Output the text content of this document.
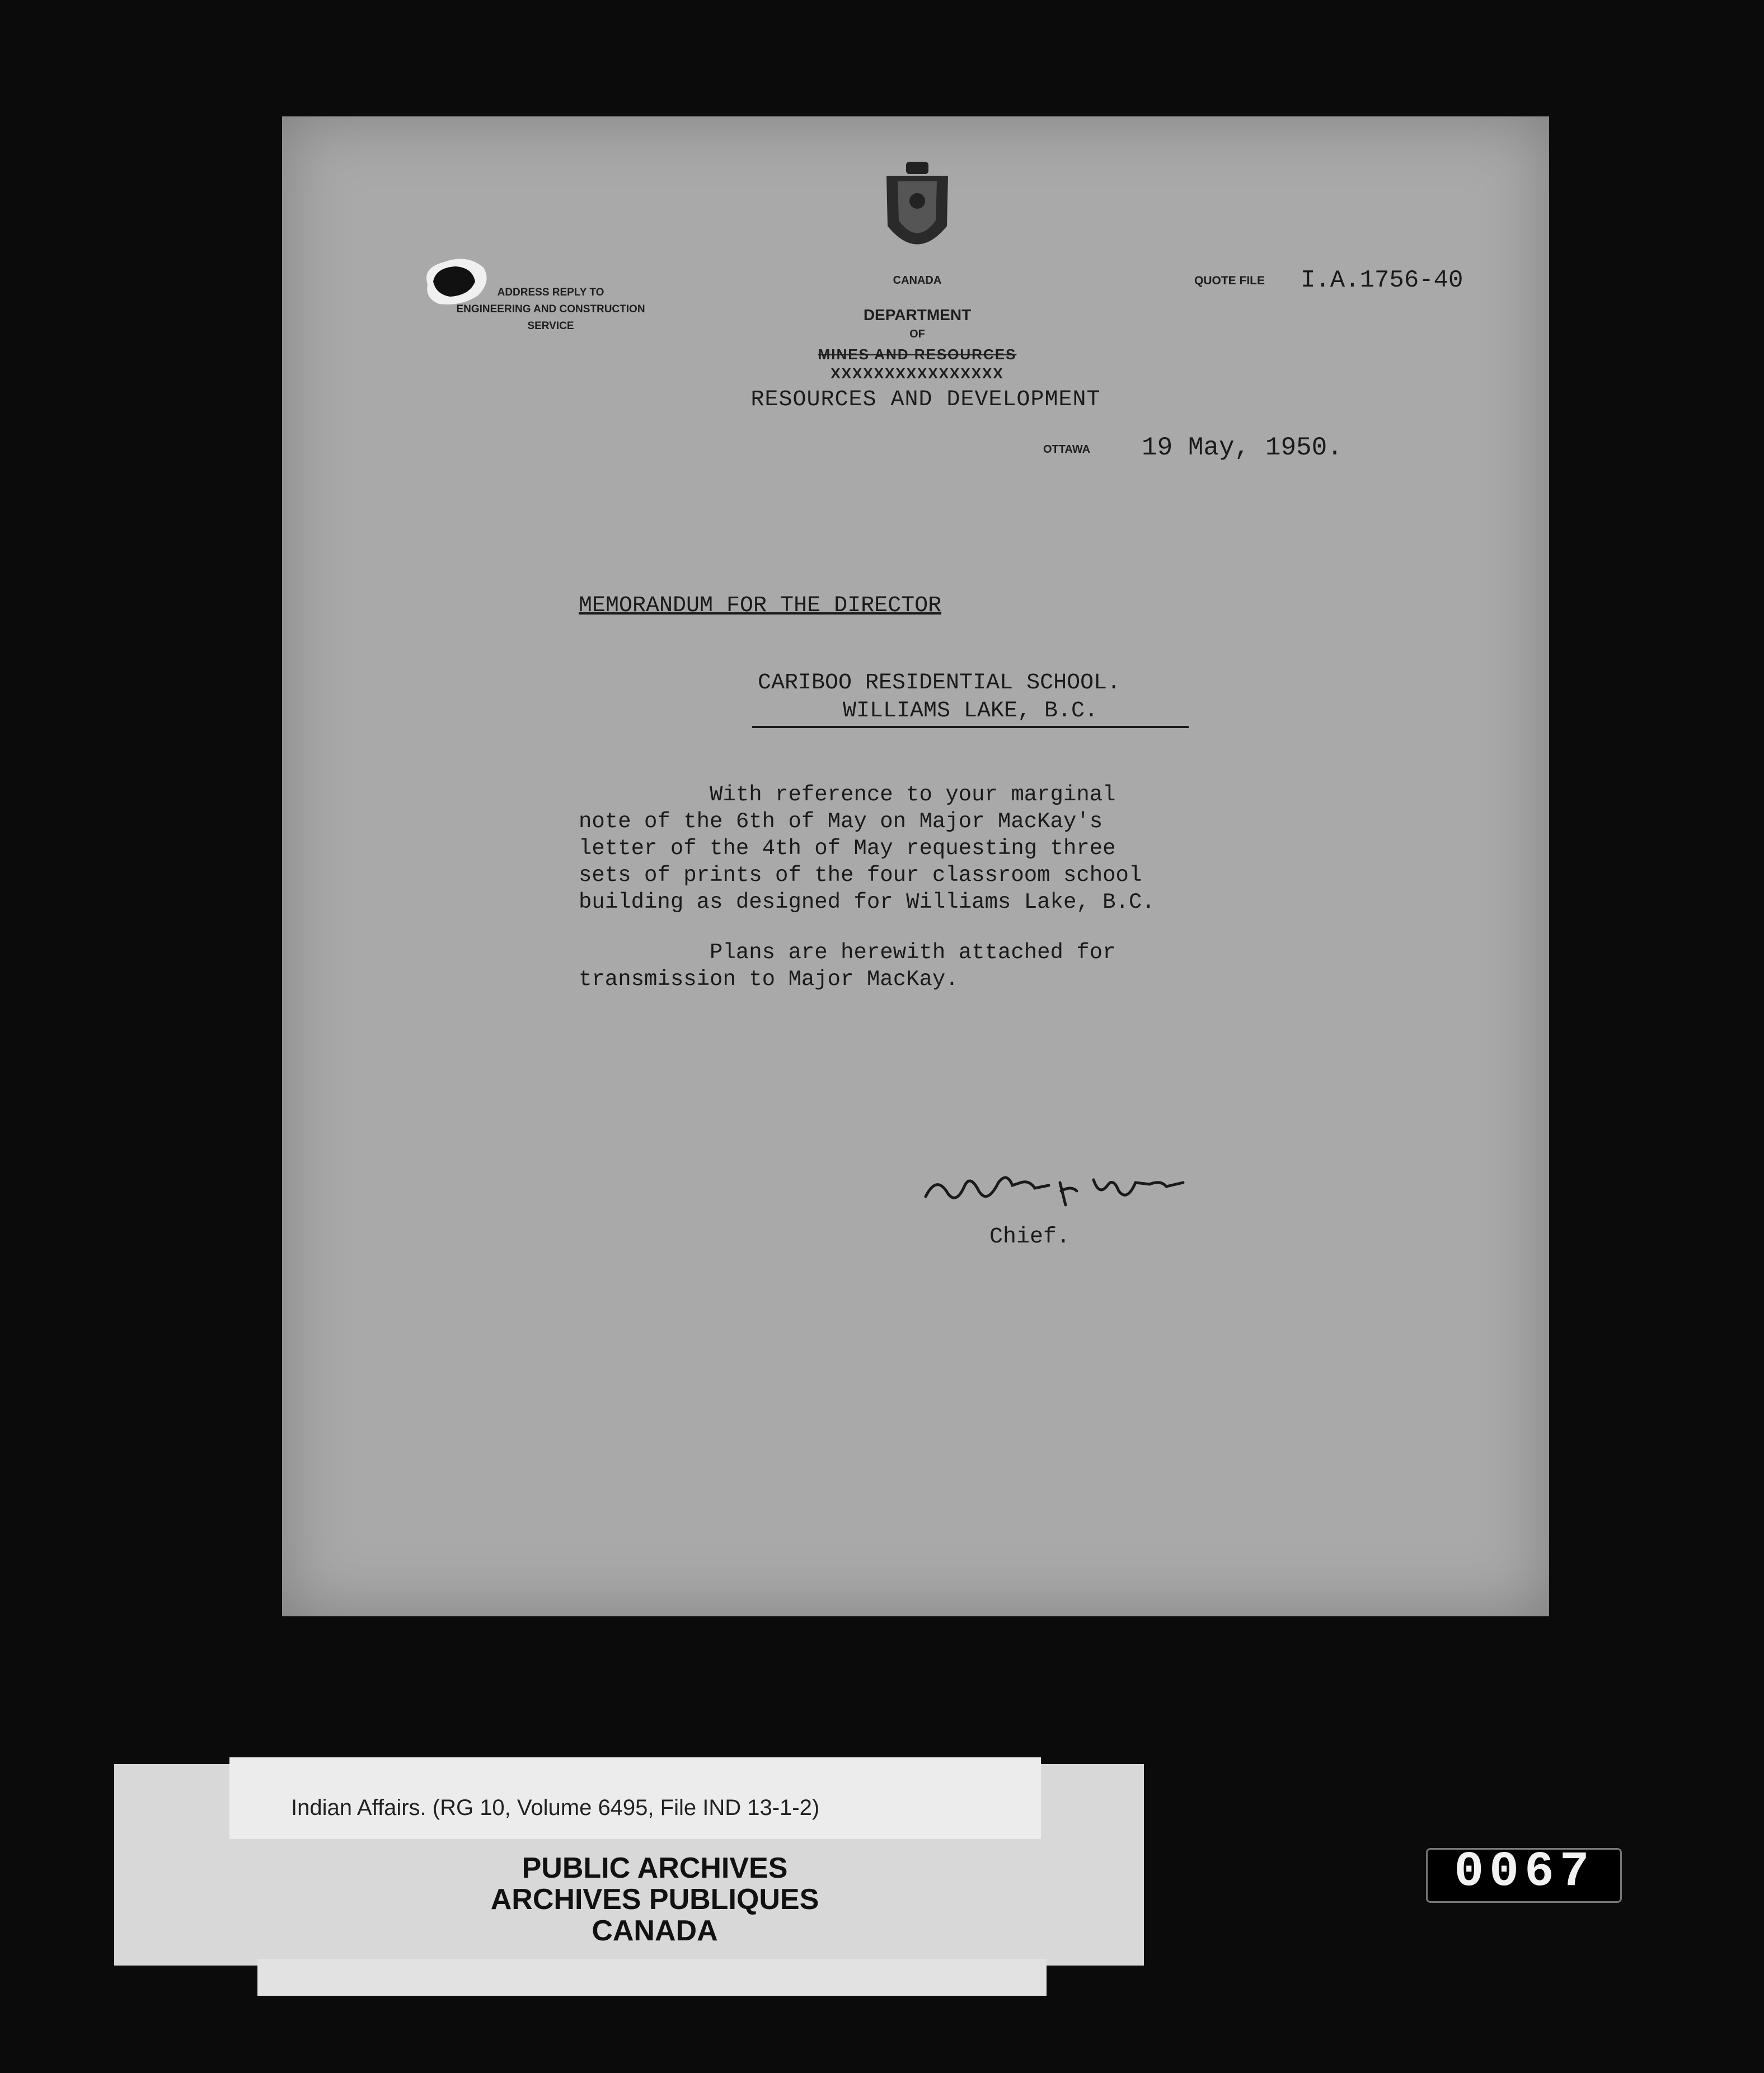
ADDRESS REPLY TO
ENGINEERING AND CONSTRUCTION
SERVICE
CANADA
DEPARTMENT
OF
MINES AND RESOURCES
XXXXXXXXXXXXXXXX
RESOURCES AND DEVELOPMENT
QUOTE FILE I.A.1756-40
OTTAWA 19 May, 1950.
MEMORANDUM FOR THE DIRECTOR
CARIBOO RESIDENTIAL SCHOOL.
WILLIAMS LAKE, B.C.
With reference to your marginal
note of the 6th of May on Major MacKay's
letter of the 4th of May requesting three
sets of prints of the four classroom school
building as designed for Williams Lake, B.C.
Plans are herewith attached for
transmission to Major MacKay.
Chief.
Indian Affairs. (RG 10, Volume 6495, File IND 13-1-2)
PUBLIC ARCHIVES
ARCHIVES PUBLIQUES
CANADA
0067
